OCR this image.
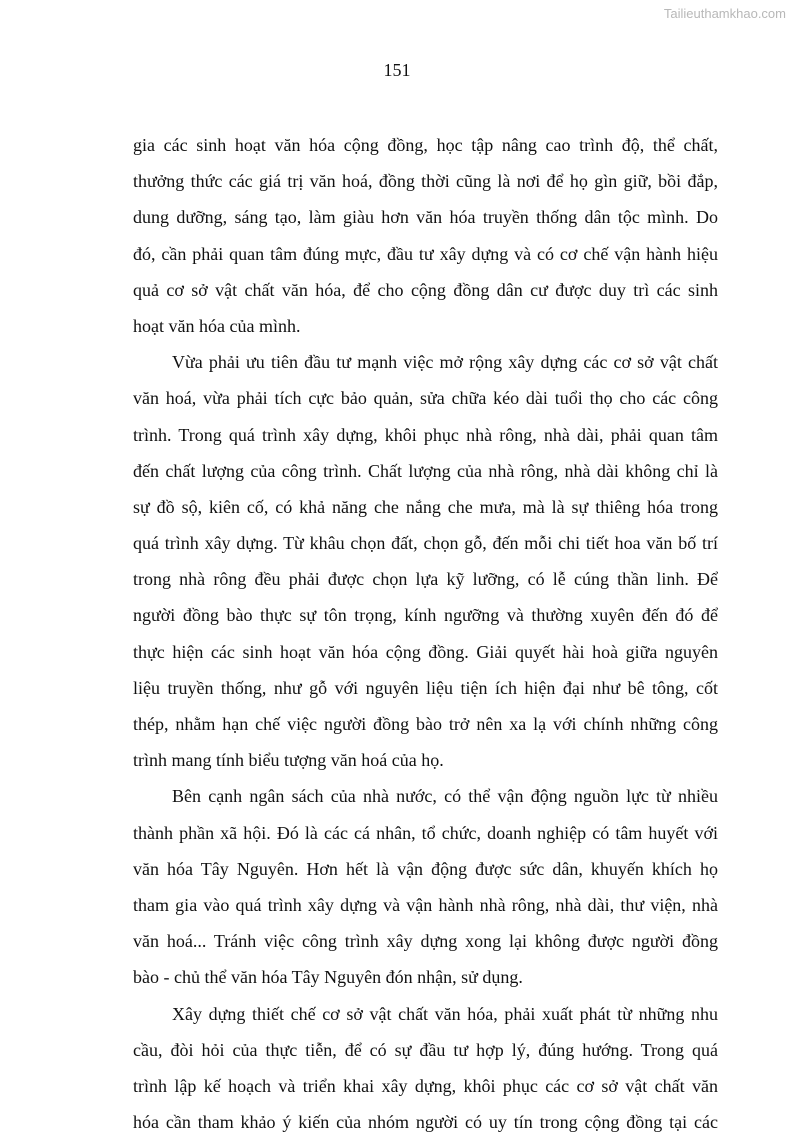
Tailieuthamkhao.com
151
gia các sinh hoạt văn hóa cộng đồng, học tập nâng cao trình độ, thể chất,
thưởng thức các giá trị văn hoá, đồng thời cũng là nơi để họ gìn giữ, bồi đắp,
dung dưỡng, sáng tạo, làm giàu hơn văn hóa truyền thống dân tộc mình. Do
đó, cần phải quan tâm đúng mực, đầu tư xây dựng và có cơ chế vận hành hiệu
quả cơ sở vật chất văn hóa, để cho cộng đồng dân cư được duy trì các sinh
hoạt văn hóa của mình.
Vừa phải ưu tiên đầu tư mạnh việc mở rộng xây dựng các cơ sở vật chất
văn hoá, vừa phải tích cực bảo quản, sửa chữa kéo dài tuổi thọ cho các công
trình. Trong quá trình xây dựng, khôi phục nhà rông, nhà dài, phải quan tâm
đến chất lượng của công trình. Chất lượng của nhà rông, nhà dài không chỉ là
sự đồ sộ, kiên cố, có khả năng che nắng che mưa, mà là sự thiêng hóa trong
quá trình xây dựng. Từ khâu chọn đất, chọn gỗ, đến mỗi chi tiết hoa văn bố trí
trong nhà rông đều phải được chọn lựa kỹ lưỡng, có lễ cúng thần linh. Để
người đồng bào thực sự tôn trọng, kính ngưỡng và thường xuyên đến đó để
thực hiện các sinh hoạt văn hóa cộng đồng. Giải quyết hài hoà giữa nguyên
liệu truyền thống, như gỗ với nguyên liệu tiện ích hiện đại như bê tông, cốt
thép, nhằm hạn chế việc người đồng bào trở nên xa lạ với chính những công
trình mang tính biểu tượng văn hoá của họ.
Bên cạnh ngân sách của nhà nước, có thể vận động nguồn lực từ nhiều
thành phần xã hội. Đó là các cá nhân, tổ chức, doanh nghiệp có tâm huyết với
văn hóa Tây Nguyên. Hơn hết là vận động được sức dân, khuyến khích họ
tham gia vào quá trình xây dựng và vận hành nhà rông, nhà dài, thư viện, nhà
văn hoá... Tránh việc công trình xây dựng xong lại không được người đồng
bào - chủ thể văn hóa Tây Nguyên đón nhận, sử dụng.
Xây dựng thiết chế cơ sở vật chất văn hóa, phải xuất phát từ những nhu
cầu, đòi hỏi của thực tiễn, để có sự đầu tư hợp lý, đúng hướng. Trong quá
trình lập kế hoạch và triển khai xây dựng, khôi phục các cơ sở vật chất văn
hóa cần tham khảo ý kiến của nhóm người có uy tín trong cộng đồng tại các
